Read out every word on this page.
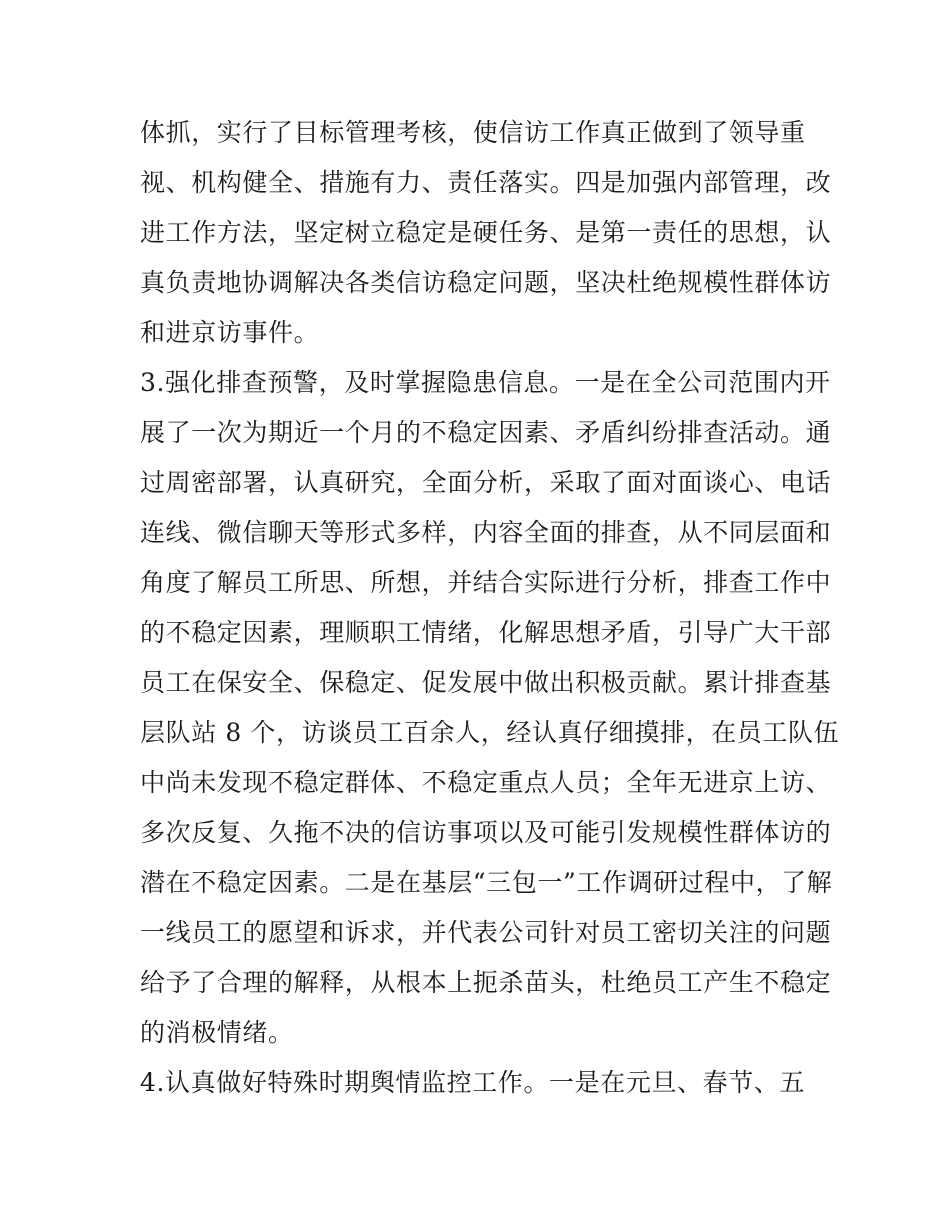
体抓，实行了目标管理考核，使信访工作真正做到了领导重
视、机构健全、措施有力、责任落实。四是加强内部管理，改
进工作方法，坚定树立稳定是硬任务、是第一责任的思想，认
真负责地协调解决各类信访稳定问题，坚决杜绝规模性群体访
和进京访事件。
3.强化排查预警，及时掌握隐患信息。一是在全公司范围内开
展了一次为期近一个月的不稳定因素、矛盾纠纷排查活动。通
过周密部署，认真研究，全面分析，采取了面对面谈心、电话
连线、微信聊天等形式多样，内容全面的排查，从不同层面和
角度了解员工所思、所想，并结合实际进行分析，排查工作中
的不稳定因素，理顺职工情绪，化解思想矛盾，引导广大干部
员工在保安全、保稳定、促发展中做出积极贡献。累计排查基
层队站 8 个，访谈员工百余人，经认真仔细摸排，在员工队伍
中尚未发现不稳定群体、不稳定重点人员；全年无进京上访、
多次反复、久拖不决的信访事项以及可能引发规模性群体访的
潜在不稳定因素。二是在基层“三包一”工作调研过程中，了解
一线员工的愿望和诉求，并代表公司针对员工密切关注的问题
给予了合理的解释，从根本上扼杀苗头，杜绝员工产生不稳定
的消极情绪。
4.认真做好特殊时期舆情监控工作。一是在元旦、春节、五
